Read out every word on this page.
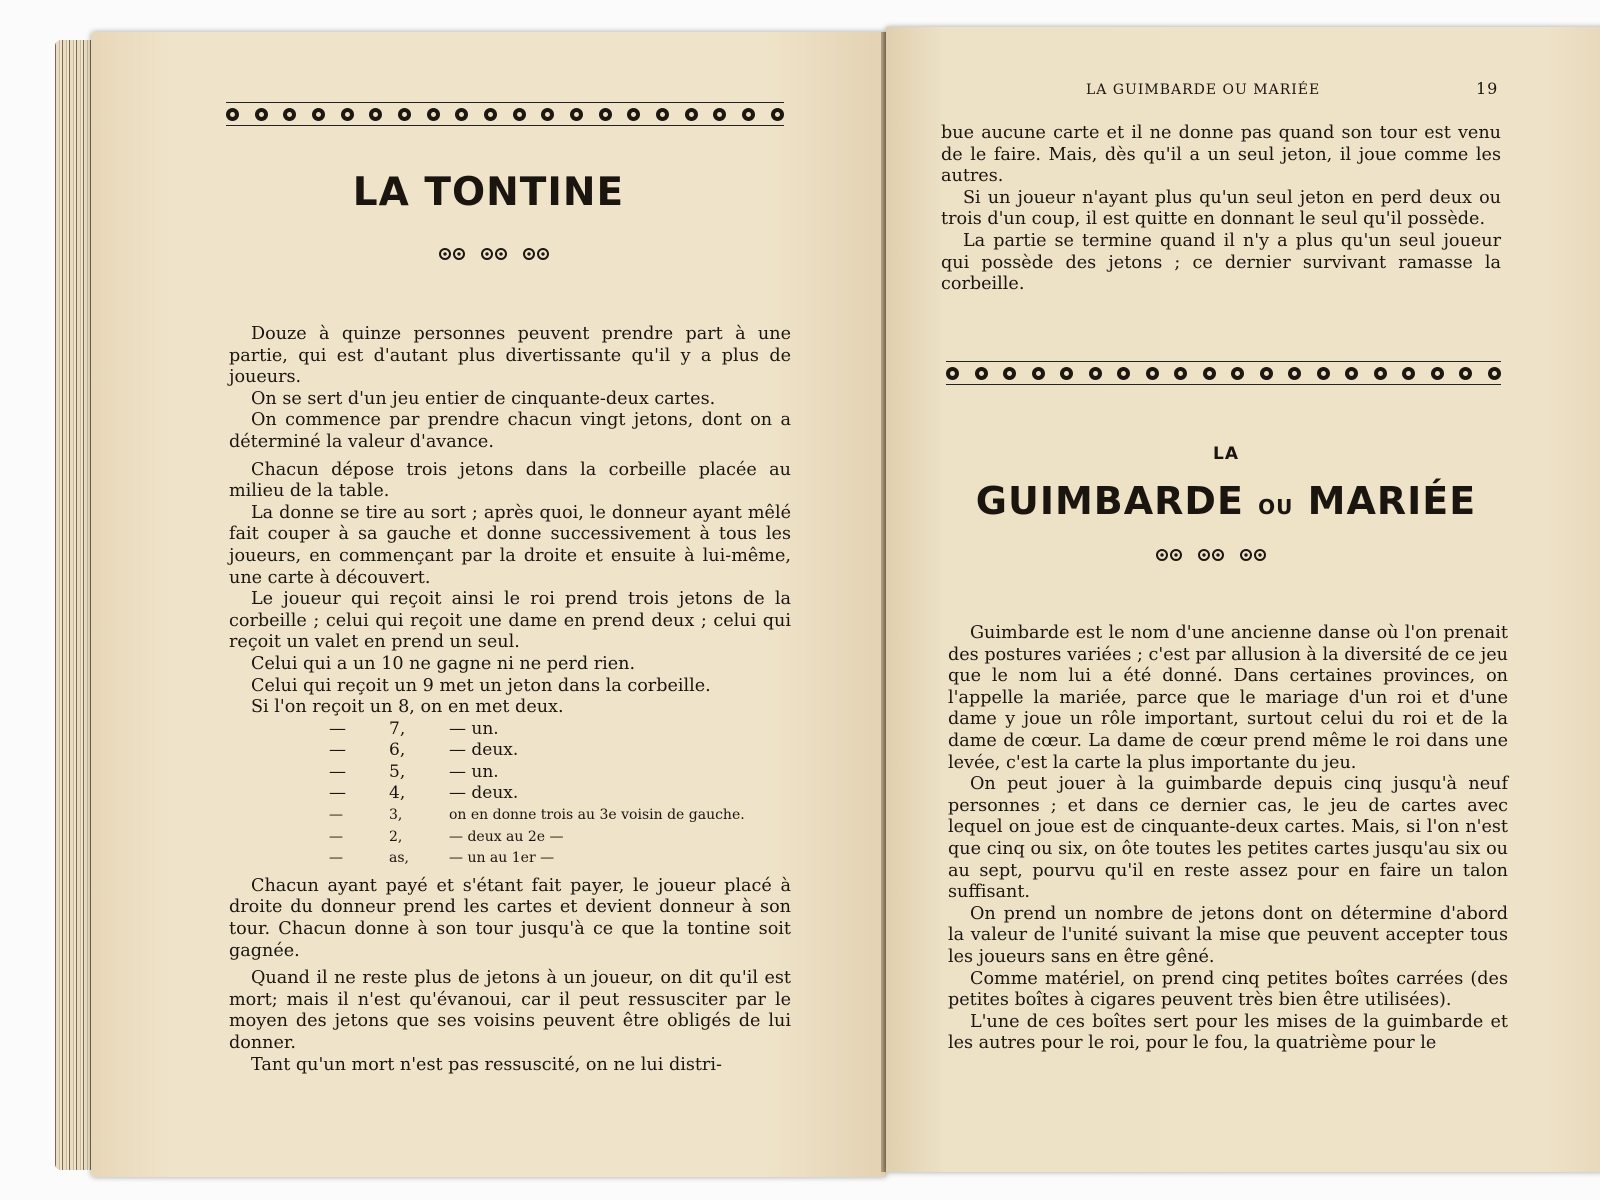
LA TONTINE

Douze à quinze personnes peuvent prendre part à une partie, qui est d'autant plus divertissante qu'il y a plus de joueurs.

On se sert d'un jeu entier de cinquante-deux cartes.

On commence par prendre chacun vingt jetons, dont on a déterminé la valeur d'avance.

Chacun dépose trois jetons dans la corbeille placée au milieu de la table.

La donne se tire au sort ; après quoi, le donneur ayant mêlé fait couper à sa gauche et donne successivement à tous les joueurs, en commençant par la droite et ensuite à lui-même, une carte à découvert.

Le joueur qui reçoit ainsi le roi prend trois jetons de la corbeille ; celui qui reçoit une dame en prend deux ; celui qui reçoit un valet en prend un seul.

Celui qui a un 10 ne gagne ni ne perd rien.

Celui qui reçoit un 9 met un jeton dans la corbeille.

Si l'on reçoit un 8, on en met deux.

—	7,	— un.
—	6,	— deux.
—	5,	— un.
—	4,	— deux.
—	3,	on en donne trois au 3e voisin de gauche.
—	2,	— deux au 2e —
—	as,	— un au 1er —

Chacun ayant payé et s'étant fait payer, le joueur placé à droite du donneur prend les cartes et devient donneur à son tour. Chacun donne à son tour jusqu'à ce que la tontine soit gagnée.

Quand il ne reste plus de jetons à un joueur, on dit qu'il est mort; mais il n'est qu'évanoui, car il peut ressusciter par le moyen des jetons que ses voisins peuvent être obligés de lui donner.

Tant qu'un mort n'est pas ressuscité, on ne lui distri-

LA GUIMBARDE OU MARIÉE	19

bue aucune carte et il ne donne pas quand son tour est venu de le faire. Mais, dès qu'il a un seul jeton, il joue comme les autres.

Si un joueur n'ayant plus qu'un seul jeton en perd deux ou trois d'un coup, il est quitte en donnant le seul qu'il possède.

La partie se termine quand il n'y a plus qu'un seul joueur qui possède des jetons ; ce dernier survivant ramasse la corbeille.

LA
GUIMBARDE OU MARIÉE

Guimbarde est le nom d'une ancienne danse où l'on prenait des postures variées ; c'est par allusion à la diversité de ce jeu que le nom lui a été donné. Dans certaines provinces, on l'appelle la mariée, parce que le mariage d'un roi et d'une dame y joue un rôle important, surtout celui du roi et de la dame de cœur. La dame de cœur prend même le roi dans une levée, c'est la carte la plus importante du jeu.

On peut jouer à la guimbarde depuis cinq jusqu'à neuf personnes ; et dans ce dernier cas, le jeu de cartes avec lequel on joue est de cinquante-deux cartes. Mais, si l'on n'est que cinq ou six, on ôte toutes les petites cartes jusqu'au six ou au sept, pourvu qu'il en reste assez pour en faire un talon suffisant.

On prend un nombre de jetons dont on détermine d'abord la valeur de l'unité suivant la mise que peuvent accepter tous les joueurs sans en être gêné.

Comme matériel, on prend cinq petites boîtes carrées (des petites boîtes à cigares peuvent très bien être utilisées).

L'une de ces boîtes sert pour les mises de la guimbarde et les autres pour le roi, pour le fou, la quatrième pour le
